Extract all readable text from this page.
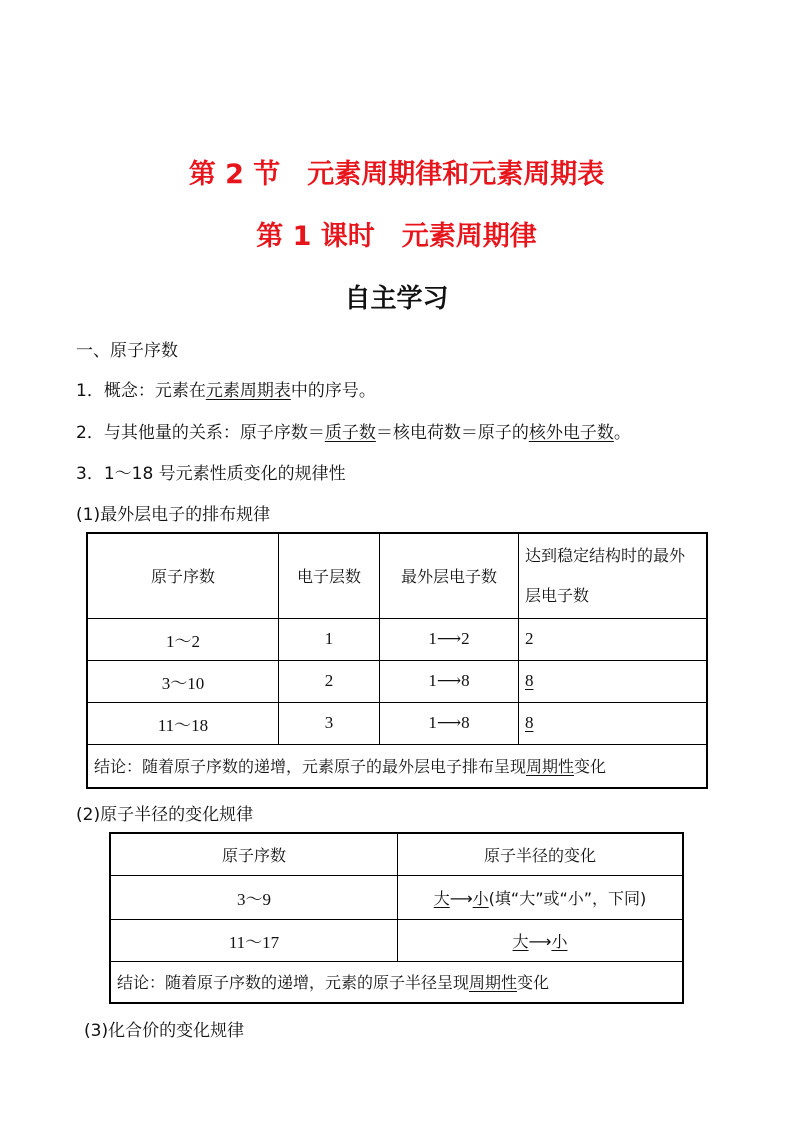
第 2 节　元素周期律和元素周期表
第 1 课时　元素周期律
自主学习
一、原子序数
1．概念：元素在元素周期表中的序号。
2．与其他量的关系：原子序数＝质子数＝核电荷数＝原子的核外电子数。
3．1～18 号元素性质变化的规律性
(1)最外层电子的排布规律
原子序数	电子层数	最外层电子数	达到稳定结构时的最外层电子数
1～2	1	1⟶2	2
3～10	2	1⟶8	8
11～18	3	1⟶8	8
结论：随着原子序数的递增，元素原子的最外层电子排布呈现周期性变化			
(2)原子半径的变化规律
原子序数	原子半径的变化
3～9	大⟶小(填“大”或“小”，下同)
11～17	大⟶小
结论：随着原子序数的递增，元素的原子半径呈现周期性变化	
(3)化合价的变化规律
